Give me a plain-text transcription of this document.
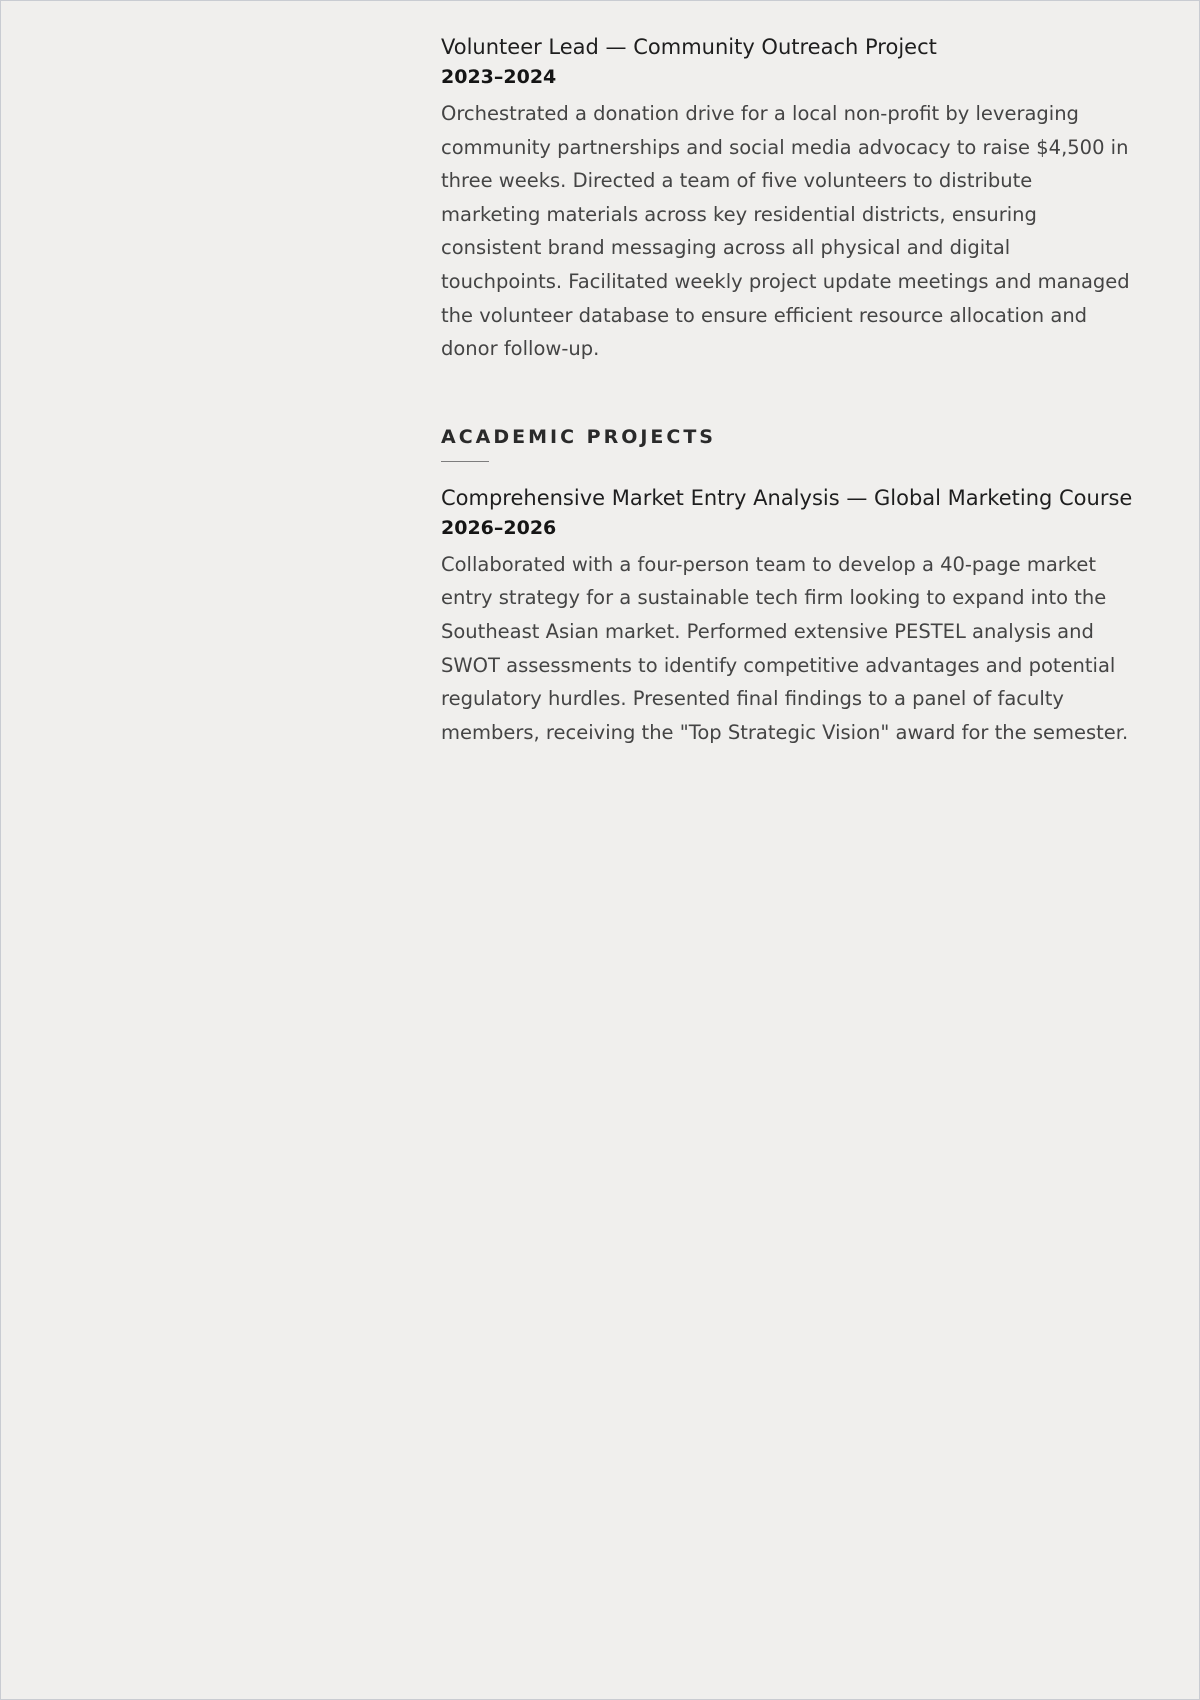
Volunteer Lead — Community Outreach Project

2023–2024

Orchestrated a donation drive for a local non-profit by leveraging community partnerships and social media advocacy to raise $4,500 in three weeks. Directed a team of five volunteers to distribute marketing materials across key residential districts, ensuring consistent brand messaging across all physical and digital touchpoints. Facilitated weekly project update meetings and managed the volunteer database to ensure efficient resource allocation and donor follow-up.

ACADEMIC PROJECTS

Comprehensive Market Entry Analysis — Global Marketing Course

2026–2026

Collaborated with a four-person team to develop a 40-page market entry strategy for a sustainable tech firm looking to expand into the Southeast Asian market. Performed extensive PESTEL analysis and SWOT assessments to identify competitive advantages and potential regulatory hurdles. Presented final findings to a panel of faculty members, receiving the "Top Strategic Vision" award for the semester.
